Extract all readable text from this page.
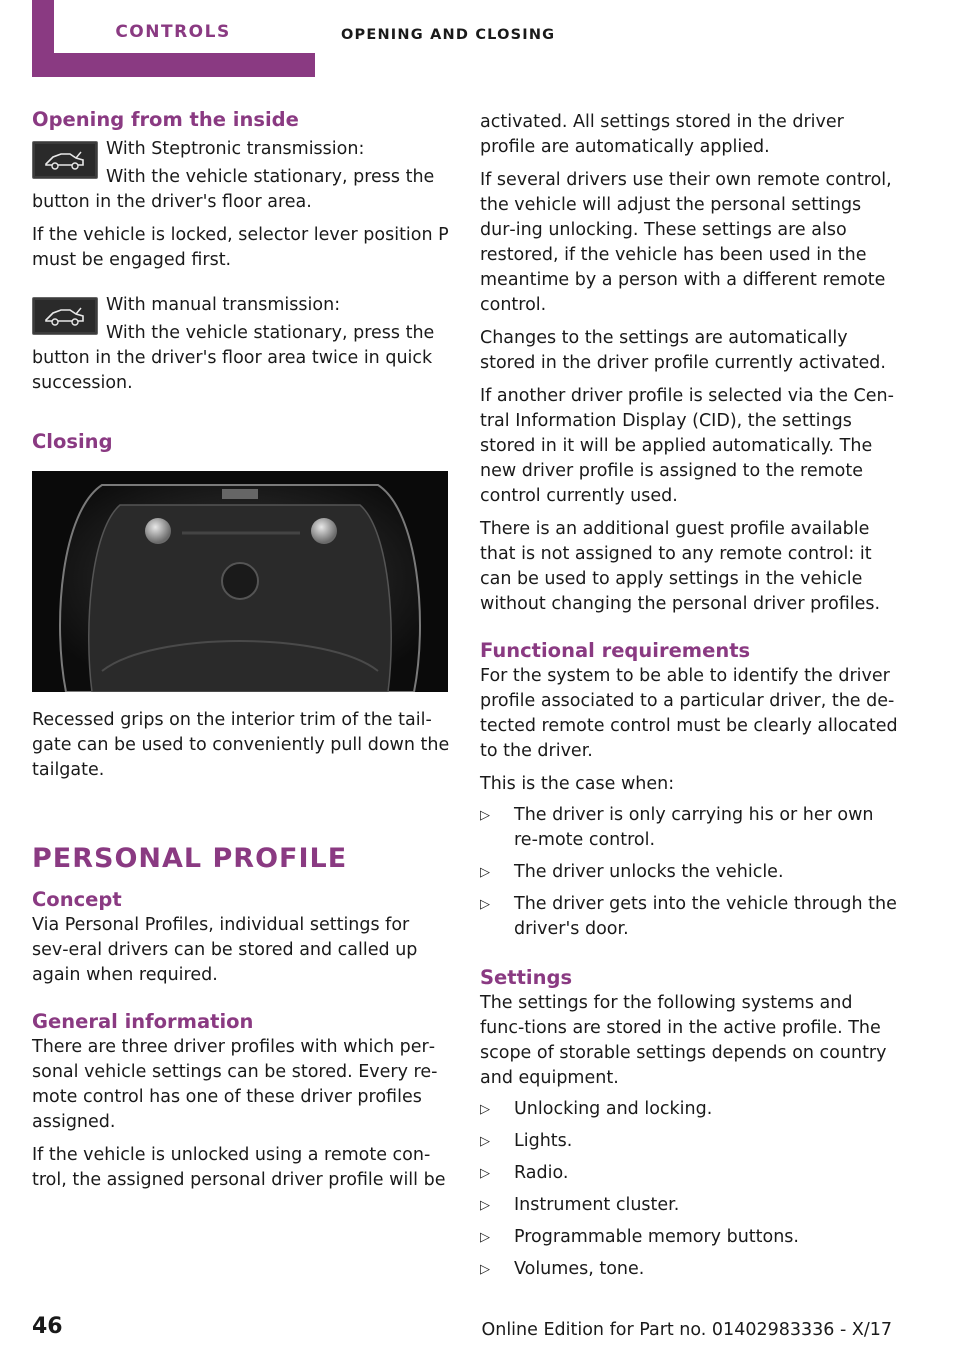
CONTROLS	OPENING AND CLOSING
Opening from the inside

With Steptronic transmission:

With the vehicle stationary, press the button in the driver's floor area.

If the vehicle is locked, selector lever position P must be engaged first.

With manual transmission:

With the vehicle stationary, press the button in the driver's floor area twice in quick succession.

Closing

Recessed grips on the interior trim of the tail‐gate can be used to conveniently pull down the tailgate.

PERSONAL PROFILE
Concept

Via Personal Profiles, individual settings for sev‐eral drivers can be stored and called up again when required.

General information

There are three driver profiles with which per‐sonal vehicle settings can be stored. Every re‐mote control has one of these driver profiles assigned.

If the vehicle is unlocked using a remote con‐trol, the assigned personal driver profile will be

activated. All settings stored in the driver profile are automatically applied.

If several drivers use their own remote control, the vehicle will adjust the personal settings dur‐ing unlocking. These settings are also restored, if the vehicle has been used in the meantime by a person with a different remote control.

Changes to the settings are automatically stored in the driver profile currently activated.

If another driver profile is selected via the Cen‐tral Information Display (CID), the settings stored in it will be applied automatically. The new driver profile is assigned to the remote control currently used.

There is an additional guest profile available that is not assigned to any remote control: it can be used to apply settings in the vehicle without changing the personal driver profiles.

Functional requirements

For the system to be able to identify the driver profile associated to a particular driver, the de‐tected remote control must be clearly allocated to the driver.

This is the case when:

▷	The driver is only carrying his or her own re‐mote control.
▷	The driver unlocks the vehicle.
▷	The driver gets into the vehicle through the driver's door.
Settings

The settings for the following systems and func‐tions are stored in the active profile. The scope of storable settings depends on country and equipment.

▷	Unlocking and locking.
▷	Lights.
▷	Radio.
▷	Instrument cluster.
▷	Programmable memory buttons.
▷	Volumes, tone.
46	Online Edition for Part no. 01402983336 - X/17
